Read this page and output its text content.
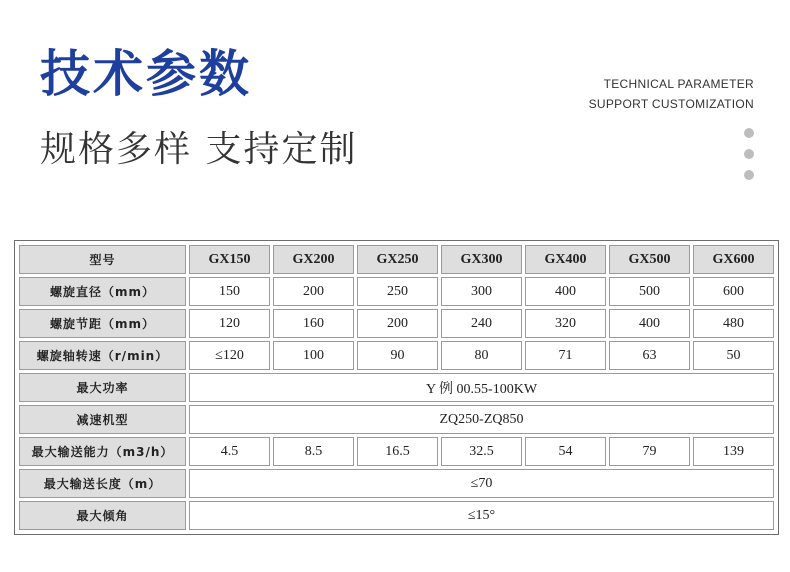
技术参数
规格多样 支持定制
TECHNICAL PARAMETER
SUPPORT CUSTOMIZATION
型号	GX150	GX200	GX250	GX300	GX400	GX500	GX600
螺旋直径（mm）	150	200	250	300	400	500	600
螺旋节距（mm）	120	160	200	240	320	400	480
螺旋轴转速（r/min）	≤120	100	90	80	71	63	50
最大功率	Y 例 00.55-100KW						
减速机型	ZQ250-ZQ850						
最大输送能力（m3/h）	4.5	8.5	16.5	32.5	54	79	139
最大输送长度（m）	≤70						
最大倾角	≤15°						
